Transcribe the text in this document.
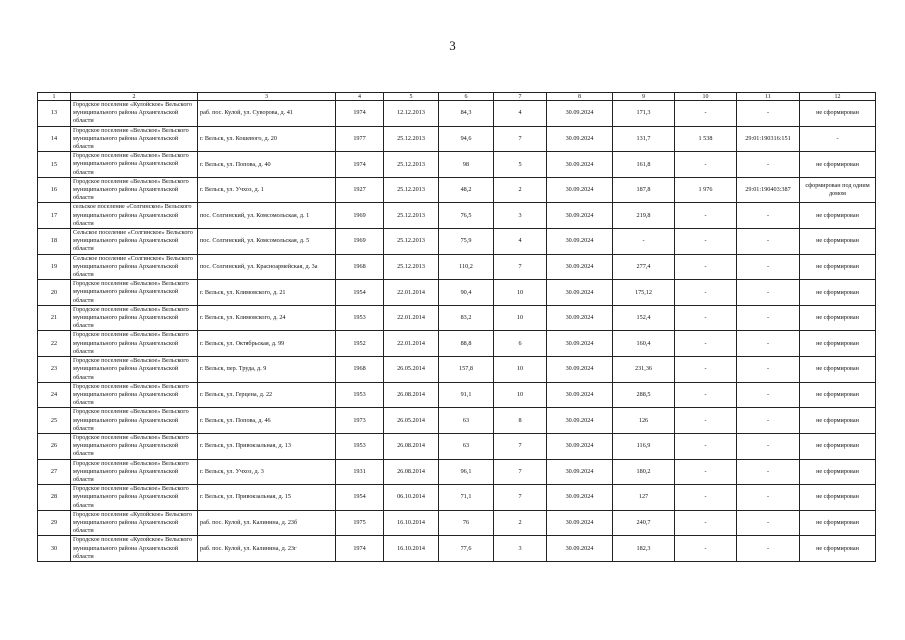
3
1	2	3	4	5	6	7	8	9	10	11	12
13	Городское поселение «Кулойское» Вельского муниципального района Архангельской области	раб. пос. Кулой, ул. Суворова, д. 41	1974	12.12.2013	84,3	4	30.09.2024	171,3	-	-	не сформирован
14	Городское поселение «Вельское» Вельского муниципального района Архангельской области	г. Вельск, ул. Кошевого, д. 20	1977	25.12.2013	94,6	7	30.09.2024	131,7	1 538	29:01:190316:151	-
15	Городское поселение «Вельское» Вельского муниципального района Архангельской области	г. Вельск, ул. Попова, д. 40	1974	25.12.2013	98	5	30.09.2024	161,8	-	-	не сформирован
16	Городское поселение «Вельское» Вельского муниципального района Архангельской области	г. Вельск, ул. Учхоз, д. 1	1927	25.12.2013	48,2	2	30.09.2024	187,8	1 976	29:01:190403:387	сформирован под одним домом
17	сельское поселение «Солгинское» Вельского муниципального района Архангельской области	пос. Солгинский, ул. Комсомольская, д. 1	1969	25.12.2013	76,5	3	30.09.2024	219,8	-	-	не сформирован
18	Сельское поселение «Солгинское» Вельского муниципального района Архангельской области	пос. Солгинский, ул. Комсомольская, д. 5	1969	25.12.2013	75,9	4	30.09.2024	-	-	-	не сформирован
19	Сельское поселение «Солгинское» Вельского муниципального района Архангельской области	пос. Солгинский, ул. Красноармейская, д. 3а	1968	25.12.2013	110,2	7	30.09.2024	277,4	-	-	не сформирован
20	Городское поселение «Вельское» Вельского муниципального района Архангельской области	г. Вельск, ул. Климовского, д. 21	1954	22.01.2014	90,4	10	30.09.2024	175,12	-	-	не сформирован
21	Городское поселение «Вельское» Вельского муниципального района Архангельской области	г. Вельск, ул. Климовского, д. 24	1953	22.01.2014	83,2	10	30.09.2024	152,4	-	-	не сформирован
22	Городское поселение «Вельское» Вельского муниципального района Архангельской области	г. Вельск, ул. Октябрьская, д. 99	1952	22.01.2014	88,8	6	30.09.2024	160,4	-	-	не сформирован
23	Городское поселение «Вельское» Вельского муниципального района Архангельской области	г. Вельск, пер. Труда, д. 9	1968	26.05.2014	157,8	10	30.09.2024	231,36	-	-	не сформирован
24	Городское поселение «Вельское» Вельского муниципального района Архангельской области	г. Вельск, ул. Герцена, д. 22	1953	26.08.2014	91,1	10	30.09.2024	288,5	-	-	не сформирован
25	Городское поселение «Вельское» Вельского муниципального района Архангельской области	г. Вельск, ул. Попова, д. 46	1973	26.05.2014	63	8	30.09.2024	126	-	-	не сформирован
26	Городское поселение «Вельское» Вельского муниципального района Архангельской области	г. Вельск, ул. Привокзальная, д. 13	1953	26.08.2014	63	7	30.09.2024	116,9	-	-	не сформирован
27	Городское поселение «Вельское» Вельского муниципального района Архангельской области	г. Вельск, ул. Учхоз, д. 3	1931	26.08.2014	96,1	7	30.09.2024	180,2	-	-	не сформирован
28	Городское поселение «Вельское» Вельского муниципального района Архангельской области	г. Вельск, ул. Привокзальная, д. 15	1954	06.10.2014	71,1	7	30.09.2024	127	-	-	не сформирован
29	Городское поселение «Кулойское» Вельского муниципального района Архангельской области	раб. пос. Кулой, ул. Калинина, д. 23б	1975	16.10.2014	76	2	30.09.2024	240,7	-	-	не сформирован
30	Городское поселение «Кулойское» Вельского муниципального района Архангельской области	раб. пос. Кулой, ул. Калинина, д. 23г	1974	16.10.2014	77,6	3	30.09.2024	182,3	-	-	не сформирован
